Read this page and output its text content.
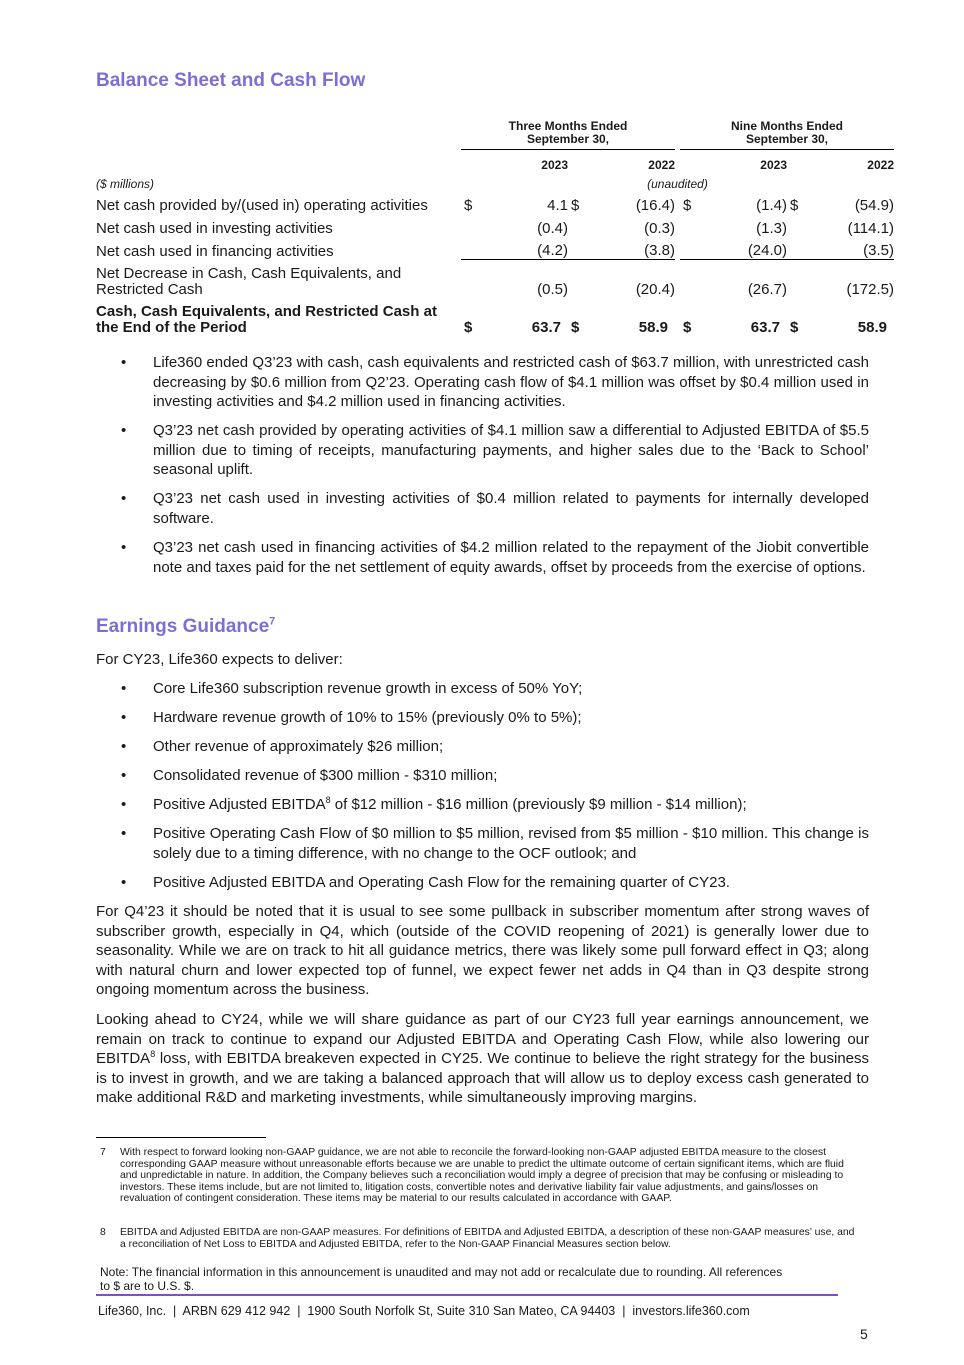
Balance Sheet and Cash Flow
	Three Months Ended
September 30,					Nine Months Ended
September 30,			
		2023		2022			2023		2022
($ millions)	(unaudited)								
Net cash provided by/(used in) operating activities	$	4.1	$	(16.4)		$	(1.4)	$	(54.9)
Net cash used in investing activities		(0.4)		(0.3)			(1.3)		(114.1)
Net cash used in financing activities		(4.2)		(3.8)			(24.0)		(3.5)
Net Decrease in Cash, Cash Equivalents, and Restricted Cash		(0.5)		(20.4)			(26.7)		(172.5)
Cash, Cash Equivalents, and Restricted Cash at the End of the Period	$	63.7	$	58.9		$	63.7	$	58.9
• Life360 ended Q3’23 with cash, cash equivalents and restricted cash of $63.7 million, with unrestricted cash decreasing by $0.6 million from Q2’23. Operating cash flow of $4.1 million was offset by $0.4 million used in investing activities and $4.2 million used in financing activities.
• Q3’23 net cash provided by operating activities of $4.1 million saw a differential to Adjusted EBITDA of $5.5 million due to timing of receipts, manufacturing payments, and higher sales due to the ‘Back to School’ seasonal uplift.
• Q3’23 net cash used in investing activities of $0.4 million related to payments for internally developed software.
• Q3’23 net cash used in financing activities of $4.2 million related to the repayment of the Jiobit convertible note and taxes paid for the net settlement of equity awards, offset by proceeds from the exercise of options.
Earnings Guidance$^7$
For CY23, Life360 expects to deliver:
• Core Life360 subscription revenue growth in excess of 50% YoY;
• Hardware revenue growth of 10% to 15% (previously 0% to 5%);
• Other revenue of approximately $26 million;
• Consolidated revenue of $300 million - $310 million;
• Positive Adjusted EBITDA$^8$ of $12 million - $16 million (previously $9 million - $14 million);
• Positive Operating Cash Flow of $0 million to $5 million, revised from $5 million - $10 million. This change is solely due to a timing difference, with no change to the OCF outlook; and
• Positive Adjusted EBITDA and Operating Cash Flow for the remaining quarter of CY23.
For Q4’23 it should be noted that it is usual to see some pullback in subscriber momentum after strong waves of subscriber growth, especially in Q4, which (outside of the COVID reopening of 2021) is generally lower due to seasonality. While we are on track to hit all guidance metrics, there was likely some pull forward effect in Q3; along with natural churn and lower expected top of funnel, we expect fewer net adds in Q4 than in Q3 despite strong ongoing momentum across the business.
Looking ahead to CY24, while we will share guidance as part of our CY23 full year earnings announcement, we remain on track to continue to expand our Adjusted EBITDA and Operating Cash Flow, while also lowering our EBITDA$^8$ loss, with EBITDA breakeven expected in CY25. We continue to believe the right strategy for the business is to invest in growth, and we are taking a balanced approach that will allow us to deploy excess cash generated to make additional R&D and marketing investments, while simultaneously improving margins.
7 With respect to forward looking non-GAAP guidance, we are not able to reconcile the forward-looking non-GAAP adjusted EBITDA measure to the closest corresponding GAAP measure without unreasonable efforts because we are unable to predict the ultimate outcome of certain significant items, which are fluid and unpredictable in nature. In addition, the Company believes such a reconciliation would imply a degree of precision that may be confusing or misleading to investors. These items include, but are not limited to, litigation costs, convertible notes and derivative liability fair value adjustments, and gains/losses on revaluation of contingent consideration. These items may be material to our results calculated in accordance with GAAP.
8 EBITDA and Adjusted EBITDA are non-GAAP measures. For definitions of EBITDA and Adjusted EBITDA, a description of these non-GAAP measures’ use, and a reconciliation of Net Loss to EBITDA and Adjusted EBITDA, refer to the Non-GAAP Financial Measures section below.
Note: The financial information in this announcement is unaudited and may not add or recalculate due to rounding. All references to $ are to U.S. $.
Life360, Inc.  |  ARBN 629 412 942  |  1900 South Norfolk St, Suite 310 San Mateo, CA 94403  |  investors.life360.com
5
